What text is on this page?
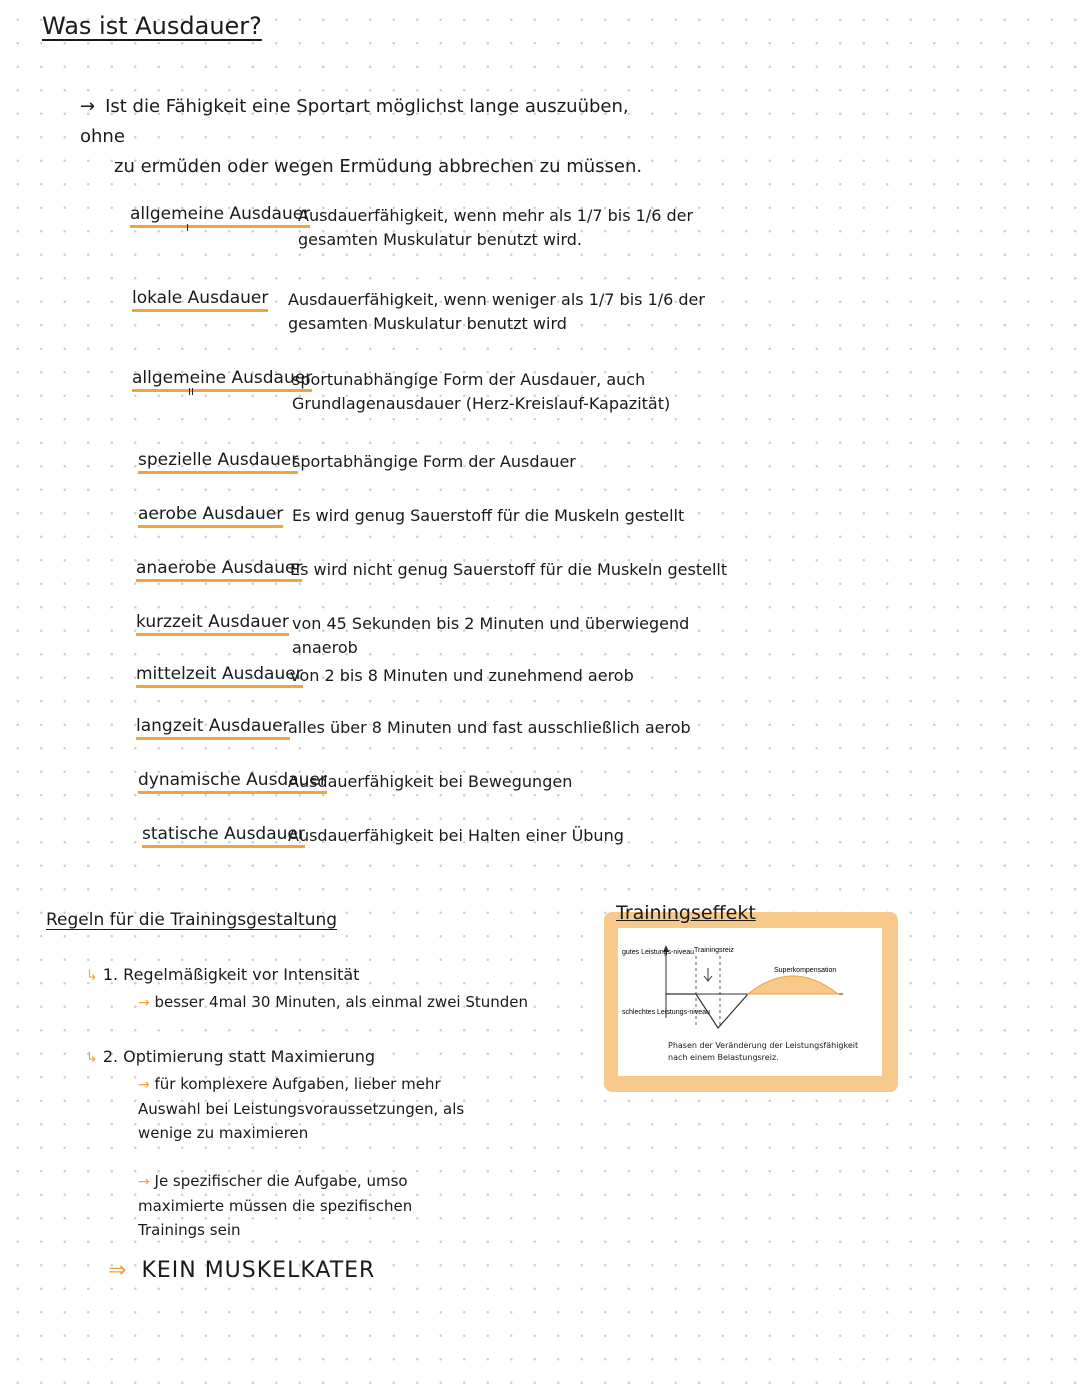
Was ist Ausdauer?
→ Ist die Fähigkeit eine Sportart möglichst lange auszuüben, ohne
zu ermüden oder wegen Ermüdung abbrechen zu müssen.
allgemeine Ausdauer
I
Ausdauerfähigkeit, wenn mehr als 1/7 bis 1/6 der gesamten Muskulatur benutzt wird.
lokale Ausdauer Ausdauerfähigkeit, wenn weniger als 1/7 bis 1/6 der gesamten Muskulatur benutzt wird
allgemeine Ausdauer
II
sportunabhängige Form der Ausdauer, auch Grundlagenausdauer (Herz-Kreislauf-Kapazität)
spezielle Ausdauer
sportabhängige Form der Ausdauer
aerobe Ausdauer Es wird genug Sauerstoff für die Muskeln gestellt
anaerobe Ausdauer
Es wird nicht genug Sauerstoff für die Muskeln gestellt
kurzzeit Ausdauer von 45 Sekunden bis 2 Minuten und überwiegend anaerob
mittelzeit Ausdauer
von 2 bis 8 Minuten und zunehmend aerob
langzeit Ausdauer
alles über 8 Minuten und fast ausschließlich aerob
dynamische Ausdauer
Ausdauerfähigkeit bei Bewegungen
statische Ausdauer
Ausdauerfähigkeit bei Halten einer Übung
Regeln für die Trainingsgestaltung
↳ 1. Regelmäßigkeit vor Intensität
→ besser 4mal 30 Minuten, als einmal zwei Stunden
↳ 2. Optimierung statt Maximierung
→ für komplexere Aufgaben, lieber mehr Auswahl bei Leistungsvoraussetzungen, als wenige zu maximieren
→ Je spezifischer die Aufgabe, umso maximierte müssen die spezifischen Trainings sein
⇒ KEIN MUSKELKATER
Trainingseffekt
gutes Leistungs-niveau
schlechtes Leistungs-niveau
Trainingsreiz
Superkompensation
Phasen der Veränderung der Leistungsfähigkeit nach einem Belastungsreiz.
